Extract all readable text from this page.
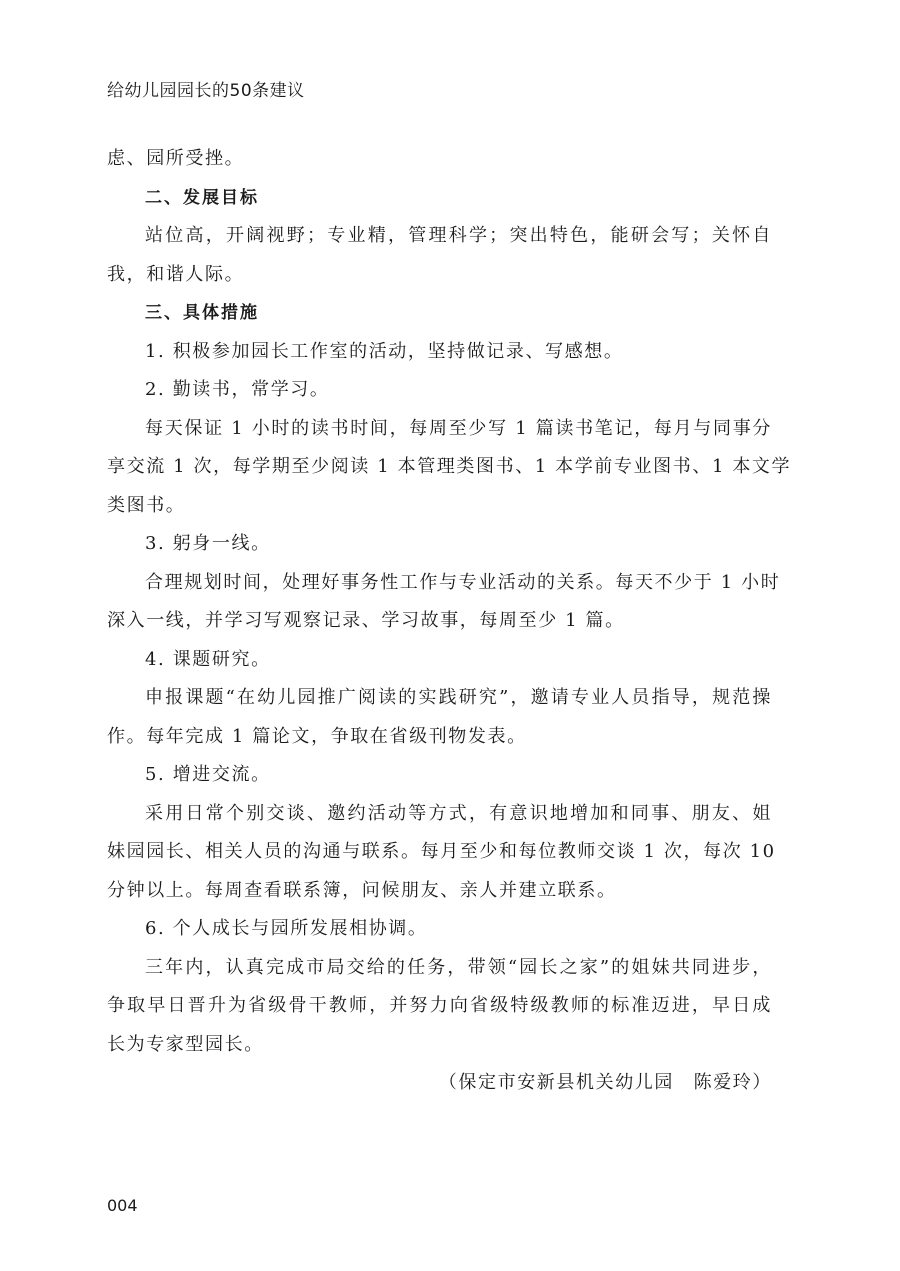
给幼儿园园长的50条建议
虑、园所受挫。
二、发展目标
站位高，开阔视野；专业精，管理科学；突出特色，能研会写；关怀自
我，和谐人际。
三、具体措施
1. 积极参加园长工作室的活动，坚持做记录、写感想。
2. 勤读书，常学习。
每天保证 1 小时的读书时间，每周至少写 1 篇读书笔记，每月与同事分
享交流 1 次，每学期至少阅读 1 本管理类图书、1 本学前专业图书、1 本文学
类图书。
3. 躬身一线。
合理规划时间，处理好事务性工作与专业活动的关系。每天不少于 1 小时
深入一线，并学习写观察记录、学习故事，每周至少 1 篇。
4. 课题研究。
申报课题“在幼儿园推广阅读的实践研究”，邀请专业人员指导，规范操
作。每年完成 1 篇论文，争取在省级刊物发表。
5. 增进交流。
采用日常个别交谈、邀约活动等方式，有意识地增加和同事、朋友、姐
妹园园长、相关人员的沟通与联系。每月至少和每位教师交谈 1 次，每次 10
分钟以上。每周查看联系簿，问候朋友、亲人并建立联系。
6. 个人成长与园所发展相协调。
三年内，认真完成市局交给的任务，带领“园长之家”的姐妹共同进步，
争取早日晋升为省级骨干教师，并努力向省级特级教师的标准迈进，早日成
长为专家型园长。
（保定市安新县机关幼儿园　陈爱玲）
004
